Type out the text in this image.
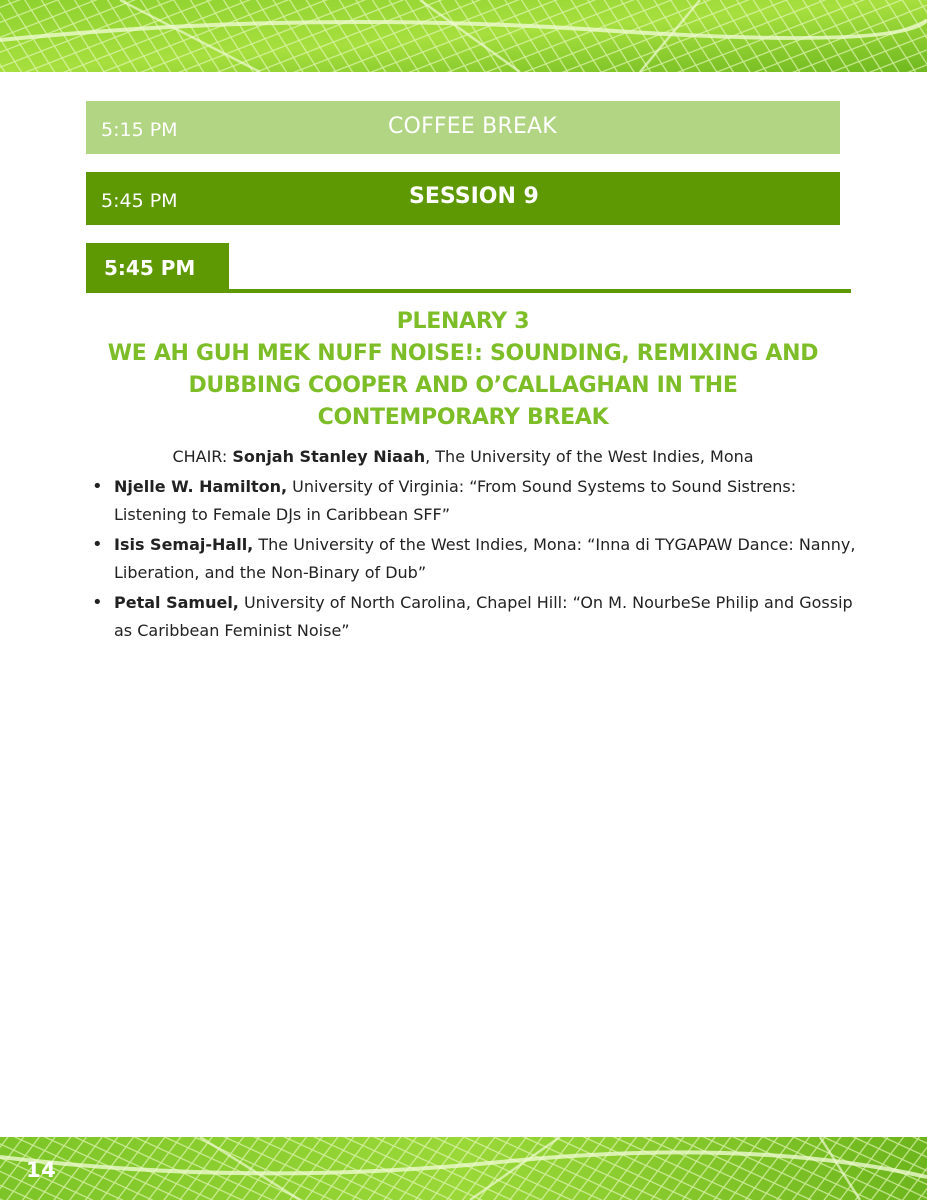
5:15 PM	COFFEE BREAK
5:45 PM	SESSION 9
5:45 PM
PLENARY 3
WE AH GUH MEK NUFF NOISE!: SOUNDING, REMIXING AND
DUBBING COOPER AND O’CALLAGHAN IN THE
CONTEMPORARY BREAK
CHAIR: Sonjah Stanley Niaah, The University of the West Indies, Mona
• Njelle W. Hamilton, University of Virginia: “From Sound Systems to Sound Sistrens: Listening to Female DJs in Caribbean SFF”
• Isis Semaj-Hall, The University of the West Indies, Mona: “Inna di TYGAPAW Dance: Nanny, Liberation, and the Non-Binary of Dub”
• Petal Samuel, University of North Carolina, Chapel Hill: “On M. NourbeSe Philip and Gossip as Caribbean Feminist Noise”
14
